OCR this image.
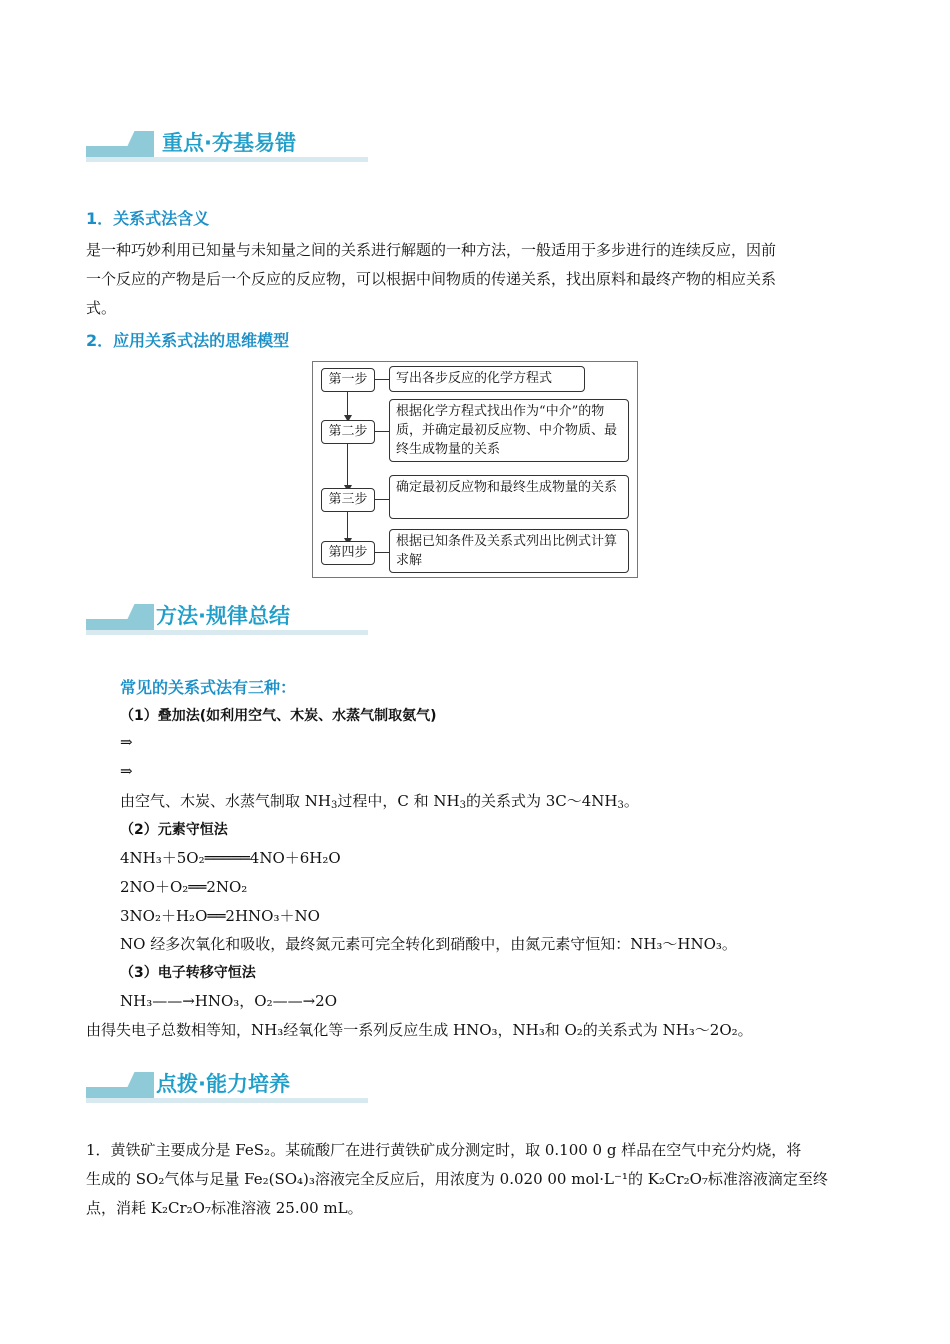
重点·夯基易错
1．关系式法含义
是一种巧妙利用已知量与未知量之间的关系进行解题的一种方法，一般适用于多步进行的连续反应，因前
一个反应的产物是后一个反应的反应物，可以根据中间物质的传递关系，找出原料和最终产物的相应关系
式。
2．应用关系式法的思维模型
第一步	写出各步反应的化学方程式
第二步
根据化学方程式找出作为“中介”的物质，并确定最初反应物、中介物质、最终生成物量的关系
第三步
确定最初反应物和最终生成物量的关系
第四步
根据已知条件及关系式列出比例式计算求解
方法·规律总结
常见的关系式法有三种：
（1）叠加法(如利用空气、木炭、水蒸气制取氨气)
⇒
⇒
由空气、木炭、水蒸气制取 $NH_3$过程中，C 和 $NH_3$的关系式为 $3C\sim 4NH_3$。
（2）元素守恒法
4NH₃＋5O₂═════4NO＋6H₂O
2NO＋O₂══2NO₂
3NO₂＋H₂O══2HNO₃＋NO
NO 经多次氧化和吸收，最终氮元素可完全转化到硝酸中，由氮元素守恒知：NH₃～HNO₃。
（3）电子转移守恒法
NH₃——→HNO₃，O₂——→2O
由得失电子总数相等知，NH₃经氧化等一系列反应生成 HNO₃，NH₃和 O₂的关系式为 NH₃～2O₂。
点拨·能力培养
1．黄铁矿主要成分是 FeS₂。某硫酸厂在进行黄铁矿成分测定时，取 0.100 0 g 样品在空气中充分灼烧，将
生成的 SO₂气体与足量 Fe₂(SO₄)₃溶液完全反应后，用浓度为 0.020 00 mol·L⁻¹的 K₂Cr₂O₇标准溶液滴定至终
点，消耗 K₂Cr₂O₇标准溶液 25.00 mL。
